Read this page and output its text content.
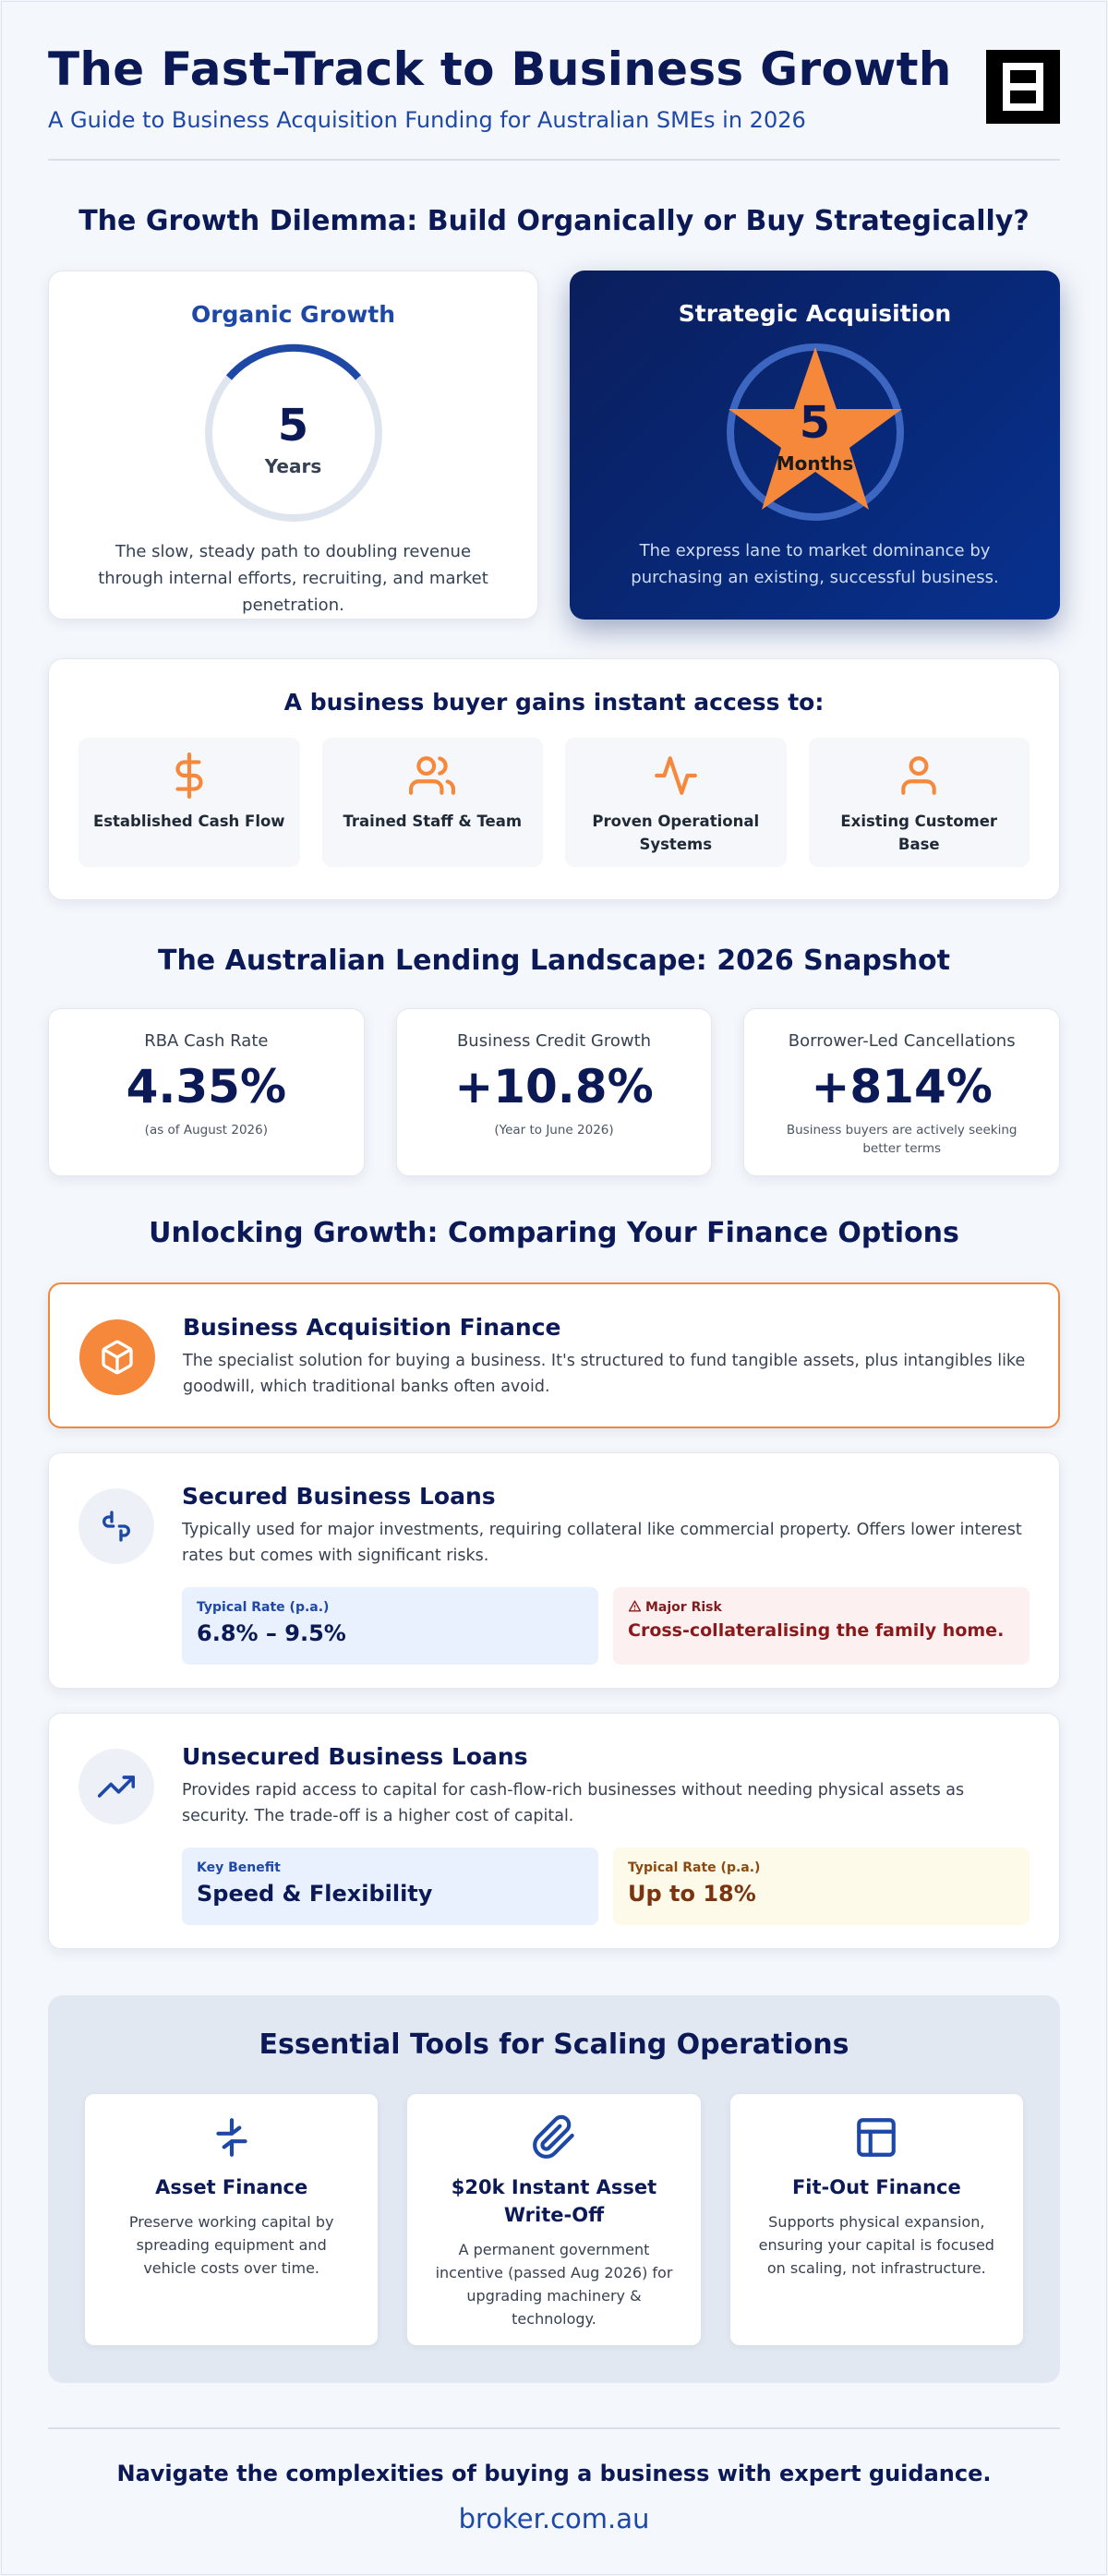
The Fast-Track to Business Growth
A Guide to Business Acquisition Funding for Australian SMEs in 2026
The Growth Dilemma: Build Organically or Buy Strategically?
Organic Growth
5
Years

The slow, steady path to doubling revenue through internal efforts, recruiting, and market penetration.

Strategic Acquisition
5
Months

The express lane to market dominance by purchasing an existing, successful business.

A business buyer gains instant access to:
Established Cash Flow	Trained Staff & Team	Proven Operational Systems
Existing Customer Base
The Australian Lending Landscape: 2026 Snapshot
RBA Cash Rate
4.35%
(as of August 2026)
Business Credit Growth
+10.8%
(Year to June 2026)
Borrower-Led Cancellations
+814%
Business buyers are actively seeking better terms
Unlocking Growth: Comparing Your Finance Options
Business Acquisition Finance

The specialist solution for buying a business. It's structured to fund tangible assets, plus intangibles like goodwill, which traditional banks often avoid.

Secured Business Loans

Typically used for major investments, requiring collateral like commercial property. Offers lower interest rates but comes with significant risks.

Typical Rate (p.a.)
6.8% – 9.5%
Major Risk
Cross-collateralising the family home.
Unsecured Business Loans

Provides rapid access to capital for cash-flow-rich businesses without needing physical assets as security. The trade-off is a higher cost of capital.

Key Benefit
Speed & Flexibility
Typical Rate (p.a.)
Up to 18%
Essential Tools for Scaling Operations
Asset Finance

Preserve working capital by spreading equipment and vehicle costs over time.

$20k Instant Asset Write-Off

A permanent government incentive (passed Aug 2026) for upgrading machinery & technology.

Fit-Out Finance

Supports physical expansion, ensuring your capital is focused on scaling, not infrastructure.

Navigate the complexities of buying a business with expert guidance.
broker.com.au
